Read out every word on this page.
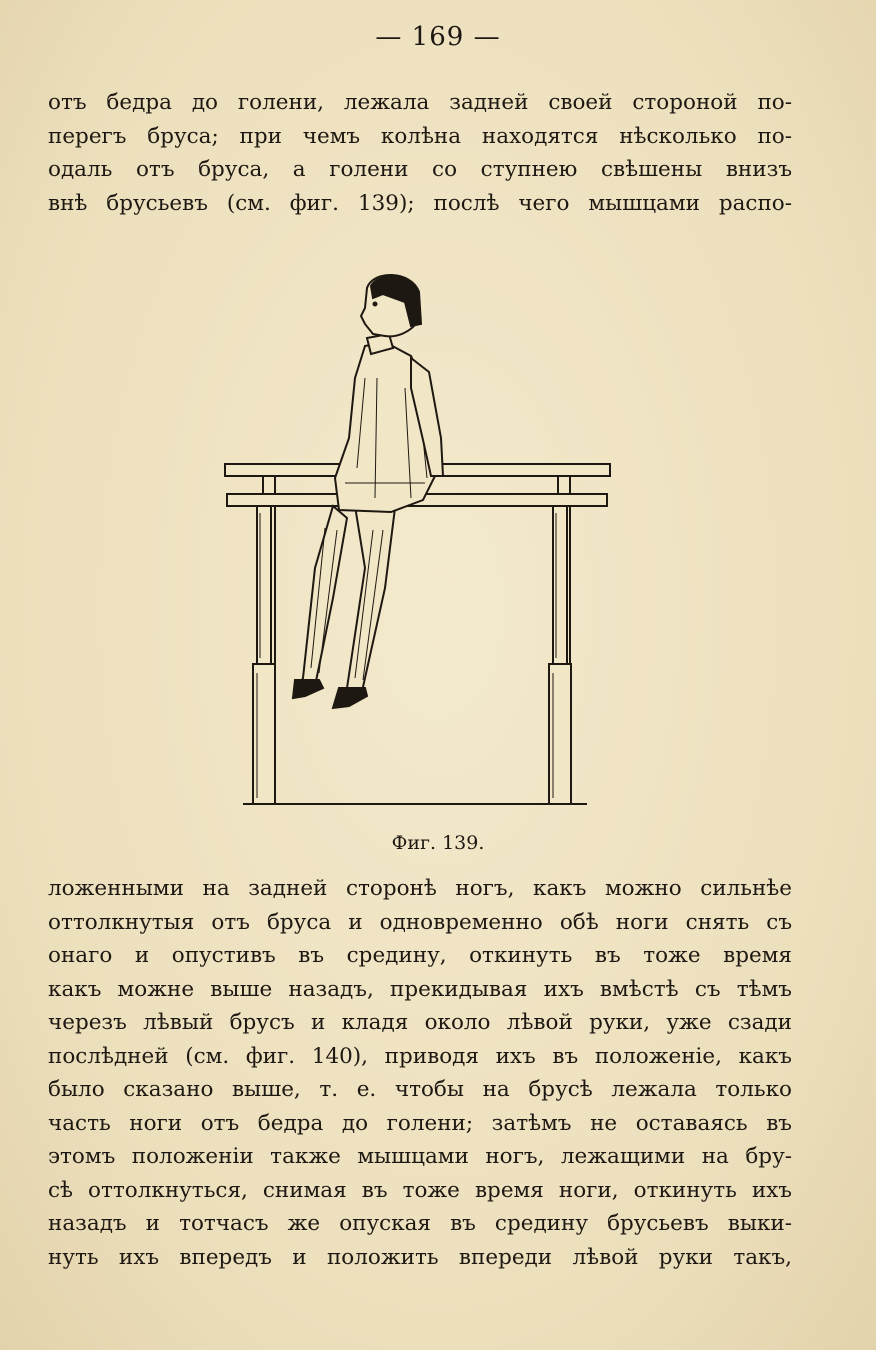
— 169 —
отъ бедра до голени, лежала задней своей стороной по-
перегъ бруса; при чемъ колѣна находятся нѣсколько по-
одаль отъ бруса, а голени со ступнею свѣшены внизъ
внѣ брусьевъ (см. фиг. 139); послѣ чего мышцами распо-
Фиг. 139.
ложенными на задней сторонѣ ногъ, какъ можно сильнѣе
оттолкнутыя отъ бруса и одновременно обѣ ноги снять съ
онаго и опустивъ въ средину, откинуть въ тоже время
какъ можне выше назадъ, прекидывая ихъ вмѣстѣ съ тѣмъ
черезъ лѣвый брусъ и кладя около лѣвой руки, уже сзади
послѣдней (см. фиг. 140), приводя ихъ въ положеніе, какъ
было сказано выше, т. е. чтобы на брусѣ лежала только
часть ноги отъ бедра до голени; затѣмъ не оставаясь въ
этомъ положеніи также мышцами ногъ, лежащими на бру-
сѣ оттолкнуться, снимая въ тоже время ноги, откинуть ихъ
назадъ и тотчасъ же опуская въ средину брусьевъ выки-
нуть ихъ впередъ и положить впереди лѣвой руки такъ,
